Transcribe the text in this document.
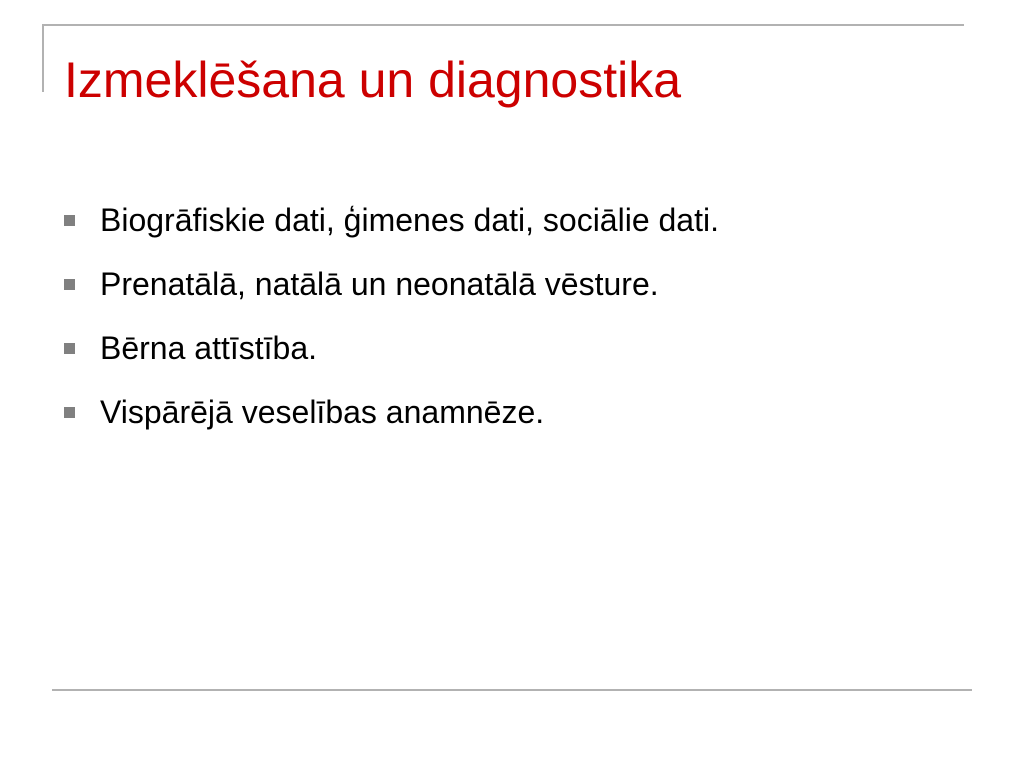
Izmeklēšana un diagnostika
Biogrāfiskie dati, ģimenes dati, sociālie dati.
Prenatālā, natālā un neonatālā vēsture.
Bērna attīstība.
Vispārējā veselības anamnēze.
